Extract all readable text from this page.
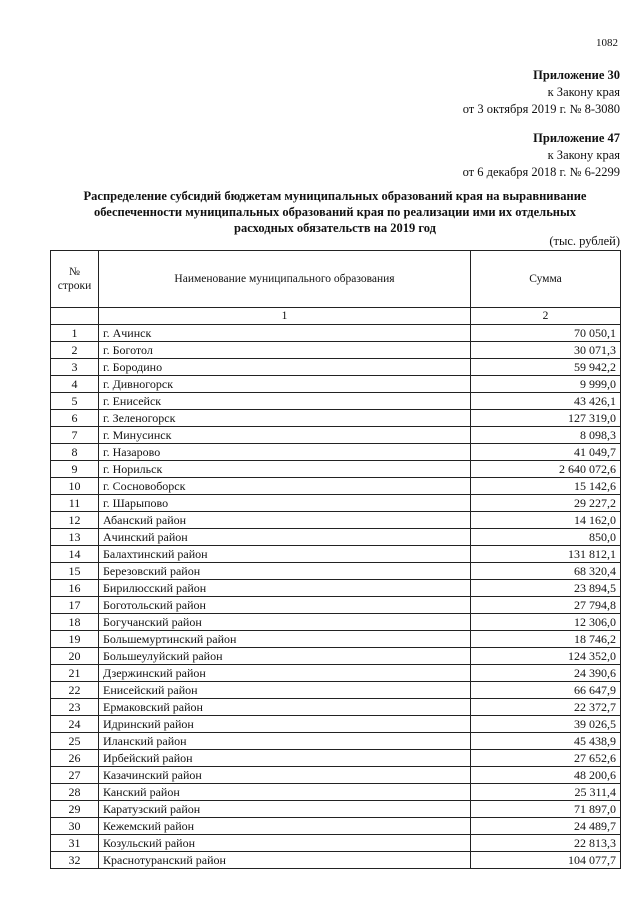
1082
Приложение 30
к Закону края
от 3 октября 2019 г. № 8-3080
Приложение 47
к Закону края
от 6 декабря 2018 г. № 6-2299
Распределение субсидий бюджетам муниципальных образований края на выравнивание
обеспеченности муниципальных образований края по реализации ими их отдельных
расходных обязательств на 2019 год
(тыс. рублей)
№
строки	Наименование муниципального образования	Сумма
	1	2
1	г. Ачинск	70 050,1
2	г. Боготол	30 071,3
3	г. Бородино	59 942,2
4	г. Дивногорск	9 999,0
5	г. Енисейск	43 426,1
6	г. Зеленогорск	127 319,0
7	г. Минусинск	8 098,3
8	г. Назарово	41 049,7
9	г. Норильск	2 640 072,6
10	г. Сосновоборск	15 142,6
11	г. Шарыпово	29 227,2
12	Абанский район	14 162,0
13	Ачинский район	850,0
14	Балахтинский район	131 812,1
15	Березовский район	68 320,4
16	Бирилюсский район	23 894,5
17	Боготольский район	27 794,8
18	Богучанский район	12 306,0
19	Большемуртинский район	18 746,2
20	Большеулуйский район	124 352,0
21	Дзержинский район	24 390,6
22	Енисейский район	66 647,9
23	Ермаковский район	22 372,7
24	Идринский район	39 026,5
25	Иланский район	45 438,9
26	Ирбейский район	27 652,6
27	Казачинский район	48 200,6
28	Канский район	25 311,4
29	Каратузский район	71 897,0
30	Кежемский район	24 489,7
31	Козульский район	22 813,3
32	Краснотуранский район	104 077,7
